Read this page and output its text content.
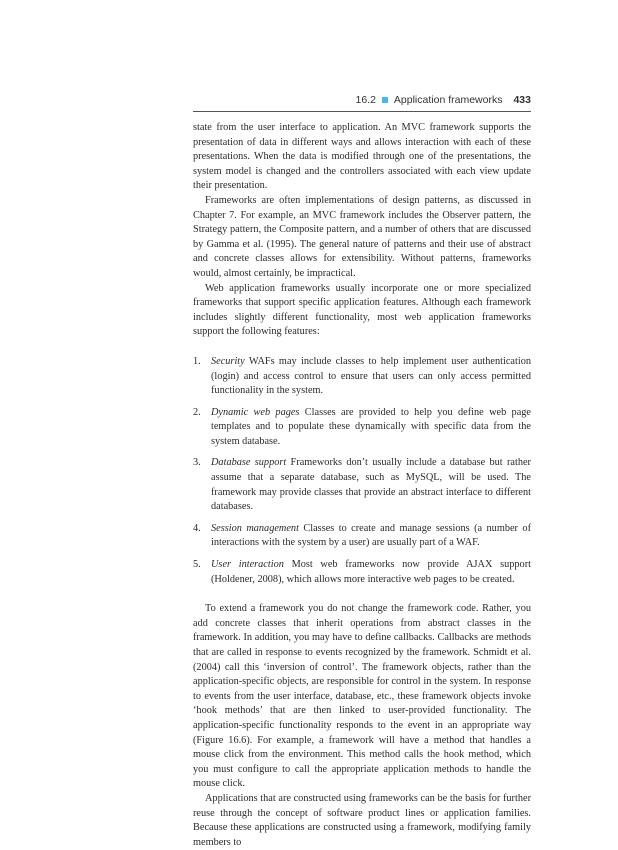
16.2 Application frameworks 433

state from the user interface to application. An MVC framework supports the presentation of data in different ways and allows interaction with each of these presentations. When the data is modified through one of the presentations, the system model is changed and the controllers associated with each view update their presentation.

Frameworks are often implementations of design patterns, as discussed in Chapter 7. For example, an MVC framework includes the Observer pattern, the Strategy pattern, the Composite pattern, and a number of others that are discussed by Gamma et al. (1995). The general nature of patterns and their use of abstract and concrete classes allows for extensibility. Without patterns, frameworks would, almost certainly, be impractical.

Web application frameworks usually incorporate one or more specialized frameworks that support specific application features. Although each framework includes slightly different functionality, most web application frameworks support the following features:

1. Security WAFs may include classes to help implement user authentication (login) and access control to ensure that users can only access permitted functionality in the system.
2. Dynamic web pages Classes are provided to help you define web page templates and to populate these dynamically with specific data from the system database.
3. Database support Frameworks don’t usually include a database but rather assume that a separate database, such as MySQL, will be used. The framework may provide classes that provide an abstract interface to different databases.
4. Session management Classes to create and manage sessions (a number of interactions with the system by a user) are usually part of a WAF.
5. User interaction Most web frameworks now provide AJAX support (Holdener, 2008), which allows more interactive web pages to be created.

To extend a framework you do not change the framework code. Rather, you add concrete classes that inherit operations from abstract classes in the framework. In addition, you may have to define callbacks. Callbacks are methods that are called in response to events recognized by the framework. Schmidt et al. (2004) call this ‘inversion of control’. The framework objects, rather than the application-specific objects, are responsible for control in the system. In response to events from the user interface, database, etc., these framework objects invoke ‘hook methods’ that are then linked to user-provided functionality. The application-specific functionality responds to the event in an appropriate way (Figure 16.6). For example, a framework will have a method that handles a mouse click from the environment. This method calls the hook method, which you must configure to call the appropriate application methods to handle the mouse click.

Applications that are constructed using frameworks can be the basis for further reuse through the concept of software product lines or application families. Because these applications are constructed using a framework, modifying family members to
